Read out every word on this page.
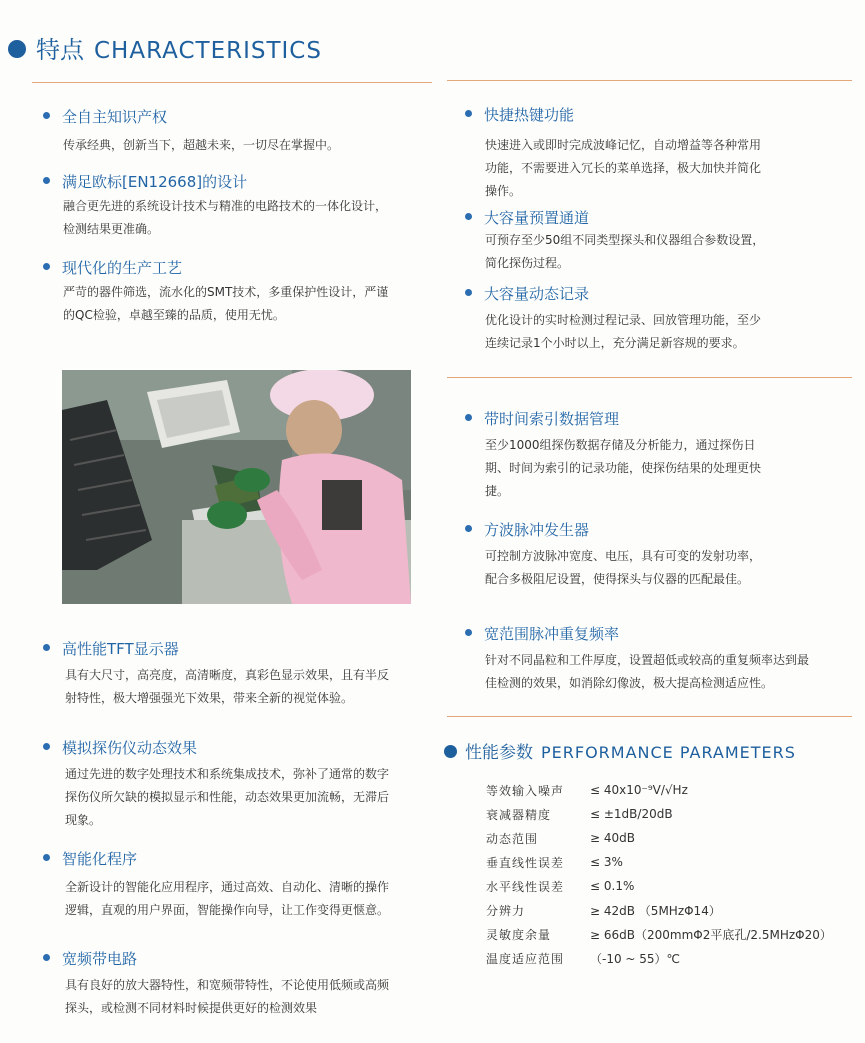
特点 CHARACTERISTICS
全自主知识产权
传承经典，创新当下，超越未来，一切尽在掌握中。
满足欧标[EN12668]的设计
融合更先进的系统设计技术与精准的电路技术的一体化设计，
检测结果更准确。
现代化的生产工艺
严苛的器件筛选，流水化的SMT技术，多重保护性设计，严谨
的QC检验，卓越至臻的品质，使用无忧。
高性能TFT显示器
具有大尺寸，高亮度，高清晰度，真彩色显示效果，且有半反
射特性，极大增强强光下效果，带来全新的视觉体验。
模拟探伤仪动态效果
通过先进的数字处理技术和系统集成技术，弥补了通常的数字
探伤仪所欠缺的模拟显示和性能，动态效果更加流畅，无滞后
现象。
智能化程序
全新设计的智能化应用程序，通过高效、自动化、清晰的操作
逻辑，直观的用户界面，智能操作向导，让工作变得更惬意。
宽频带电路
具有良好的放大器特性，和宽频带特性，不论使用低频或高频
探头，或检测不同材料时候提供更好的检测效果
快捷热键功能
快速进入或即时完成波峰记忆，自动增益等各种常用
功能，不需要进入冗长的菜单选择，极大加快并简化
操作。
大容量预置通道
可预存至少50组不同类型探头和仪器组合参数设置，
简化探伤过程。
大容量动态记录
优化设计的实时检测过程记录、回放管理功能，至少
连续记录1个小时以上，充分满足新容规的要求。
带时间索引数据管理
至少1000组探伤数据存储及分析能力，通过探伤日
期、时间为索引的记录功能，使探伤结果的处理更快
捷。
方波脉冲发生器
可控制方波脉冲宽度、电压，具有可变的发射功率，
配合多极阻尼设置，使得探头与仪器的匹配最佳。
宽范围脉冲重复频率
针对不同晶粒和工件厚度，设置超低或较高的重复频率达到最
佳检测的效果，如消除幻像波，极大提高检测适应性。
性能参数 PERFORMANCE PARAMETERS
等效输入噪声	≤ 40x10⁻⁹V/√Hz
衰减器精度	≤ ±1dB/20dB
动态范围	≥ 40dB
垂直线性误差	≤ 3%
水平线性误差	≤ 0.1%
分辨力	≥ 42dB （5MHzΦ14）
灵敏度余量	≥ 66dB（200mmΦ2平底孔/2.5MHzΦ20）
温度适应范围	（-10 ~ 55）℃
